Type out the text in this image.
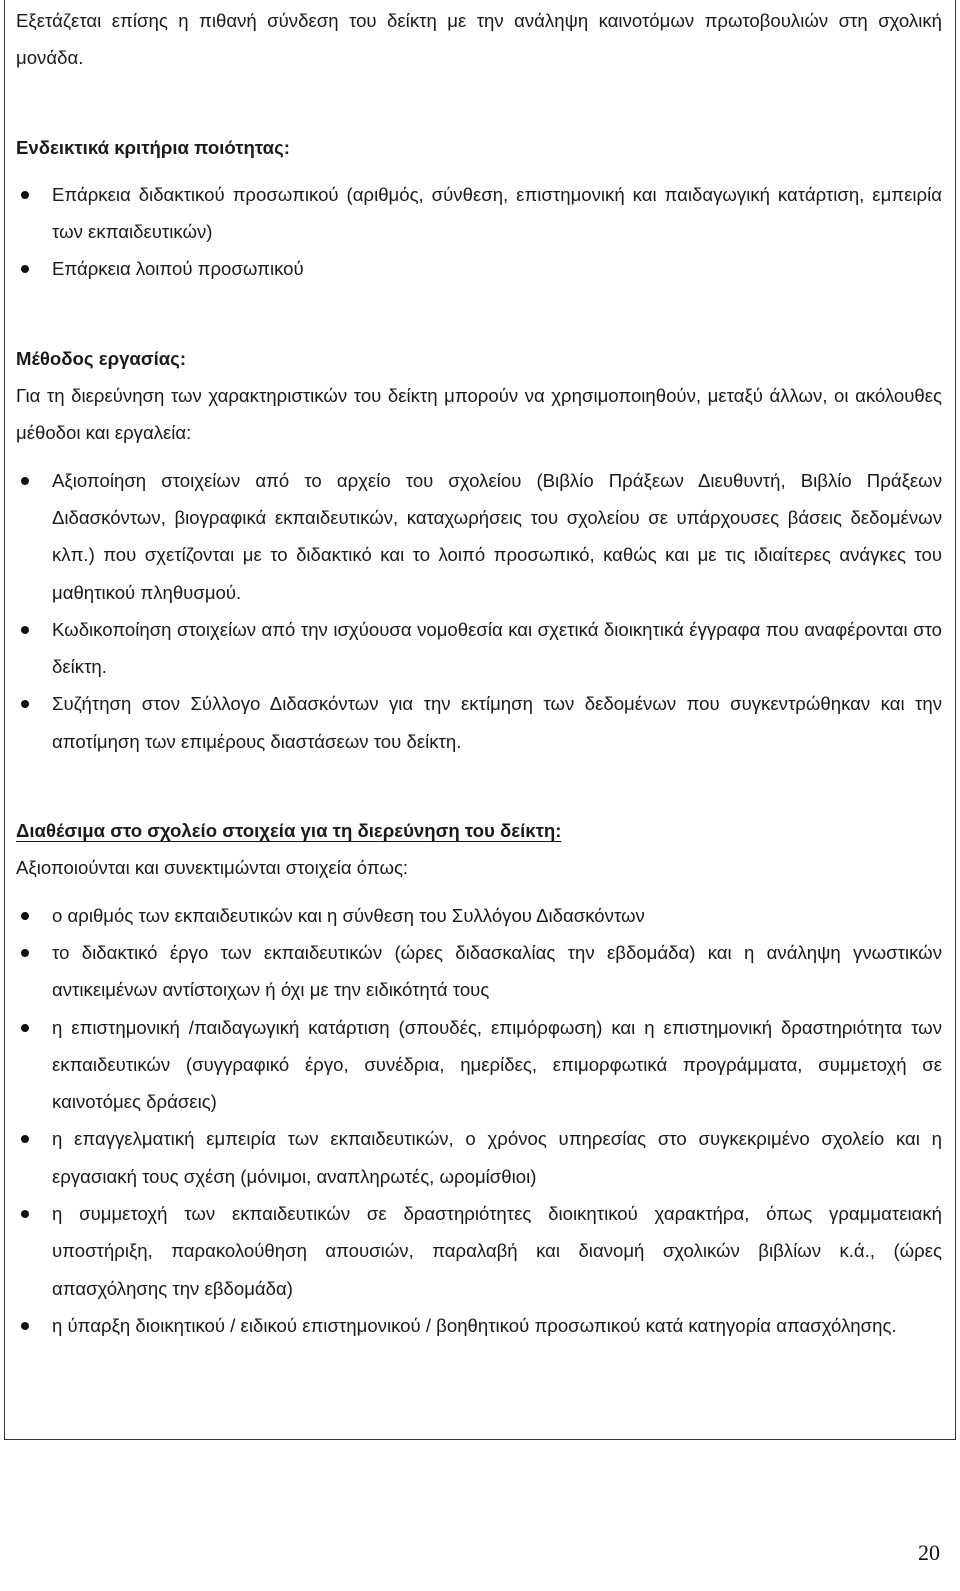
Εξετάζεται επίσης η πιθανή σύνδεση του δείκτη με την ανάληψη καινοτόμων πρωτοβουλιών στη σχολική μονάδα.

Ενδεικτικά κριτήρια ποιότητας:

Επάρκεια διδακτικού προσωπικού (αριθμός, σύνθεση, επιστημονική και παιδαγωγική κατάρτιση, εμπειρία των εκπαιδευτικών)
Επάρκεια λοιπού προσωπικού

Μέθοδος εργασίας:

Για τη διερεύνηση των χαρακτηριστικών του δείκτη μπορούν να χρησιμοποιηθούν, μεταξύ άλλων, οι ακόλουθες μέθοδοι και εργαλεία:

Αξιοποίηση στοιχείων από το αρχείο του σχολείου (Βιβλίο Πράξεων Διευθυντή, Βιβλίο Πράξεων Διδασκόντων, βιογραφικά εκπαιδευτικών, καταχωρήσεις του σχολείου σε υπάρχουσες βάσεις δεδομένων κλπ.) που σχετίζονται με το διδακτικό και το λοιπό προσωπικό, καθώς και με τις ιδιαίτερες ανάγκες του μαθητικού πληθυσμού.
Κωδικοποίηση στοιχείων από την ισχύουσα νομοθεσία και σχετικά διοικητικά έγγραφα που αναφέρονται στο δείκτη.
Συζήτηση στον Σύλλογο Διδασκόντων για την εκτίμηση των δεδομένων που συγκεντρώθηκαν και την αποτίμηση των επιμέρους διαστάσεων του δείκτη.

Διαθέσιμα στο σχολείο στοιχεία για τη διερεύνηση του δείκτη:

Αξιοποιούνται και συνεκτιμώνται στοιχεία όπως:

ο αριθμός των εκπαιδευτικών και η σύνθεση του Συλλόγου Διδασκόντων
το διδακτικό έργο των εκπαιδευτικών (ώρες διδασκαλίας την εβδομάδα) και η ανάληψη γνωστικών αντικειμένων αντίστοιχων ή όχι με την ειδικότητά τους
η επιστημονική /παιδαγωγική κατάρτιση (σπουδές, επιμόρφωση) και η επιστημονική δραστηριότητα των εκπαιδευτικών (συγγραφικό έργο, συνέδρια, ημερίδες, επιμορφωτικά προγράμματα, συμμετοχή σε καινοτόμες δράσεις)
η επαγγελματική εμπειρία των εκπαιδευτικών, ο χρόνος υπηρεσίας στο συγκεκριμένο σχολείο και η εργασιακή τους σχέση (μόνιμοι, αναπληρωτές, ωρομίσθιοι)
η συμμετοχή των εκπαιδευτικών σε δραστηριότητες διοικητικού χαρακτήρα, όπως γραμματειακή υποστήριξη, παρακολούθηση απουσιών, παραλαβή και διανομή σχολικών βιβλίων κ.ά., (ώρες απασχόλησης την εβδομάδα)
η ύπαρξη διοικητικού / ειδικού επιστημονικού / βοηθητικού προσωπικού κατά κατηγορία απασχόλησης.
20
